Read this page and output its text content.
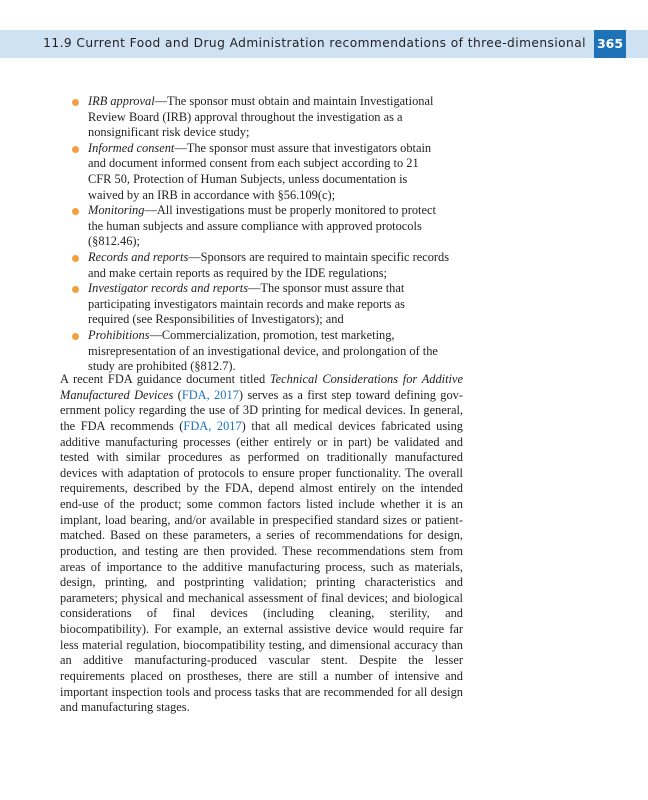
11.9 Current Food and Drug Administration recommendations of three-dimensional 365
IRB approval—The sponsor must obtain and maintain Investigational
Review Board (IRB) approval throughout the investigation as a
nonsignificant risk device study;
Informed consent—The sponsor must assure that investigators obtain
and document informed consent from each subject according to 21
CFR 50, Protection of Human Subjects, unless documentation is
waived by an IRB in accordance with §56.109(c);
Monitoring—All investigations must be properly monitored to protect
the human subjects and assure compliance with approved protocols
(§812.46);
Records and reports—Sponsors are required to maintain specific records
and make certain reports as required by the IDE regulations;
Investigator records and reports—The sponsor must assure that
participating investigators maintain records and make reports as
required (see Responsibilities of Investigators); and
Prohibitions—Commercialization, promotion, test marketing,
misrepresentation of an investigational device, and prolongation of the
study are prohibited (§812.7).

A recent FDA guidance document titled Technical Considerations for Additive Manufactured Devices (FDA, 2017) serves as a first step toward defining government policy regarding the use of 3D printing for medical devices. In general, the FDA recommends (FDA, 2017) that all medical devices fabricated using additive manufacturing processes (either entirely or in part) be validated and tested with similar procedures as performed on traditionally manufactured devices with adaptation of protocols to ensure proper functionality. The overall requirements, described by the FDA, depend almost entirely on the intended end-use of the product; some common factors listed include whether it is an implant, load bearing, and/or available in prespecified standard sizes or patient-matched. Based on these parameters, a series of recommendations for design, production, and testing are then provided. These recommendations stem from areas of importance to the additive manufacturing process, such as materials, design, printing, and postprinting validation; printing characteristics and parameters; physical and mechanical assessment of final devices; and biological considerations of final devices (including cleaning, sterility, and biocompatibility). For example, an external assistive device would require far less material regulation, biocompatibility testing, and dimensional accuracy than an additive manufacturing-produced vascular stent. Despite the lesser requirements placed on prostheses, there are still a number of intensive and important inspection tools and process tasks that are recommended for all design and manufacturing stages.
